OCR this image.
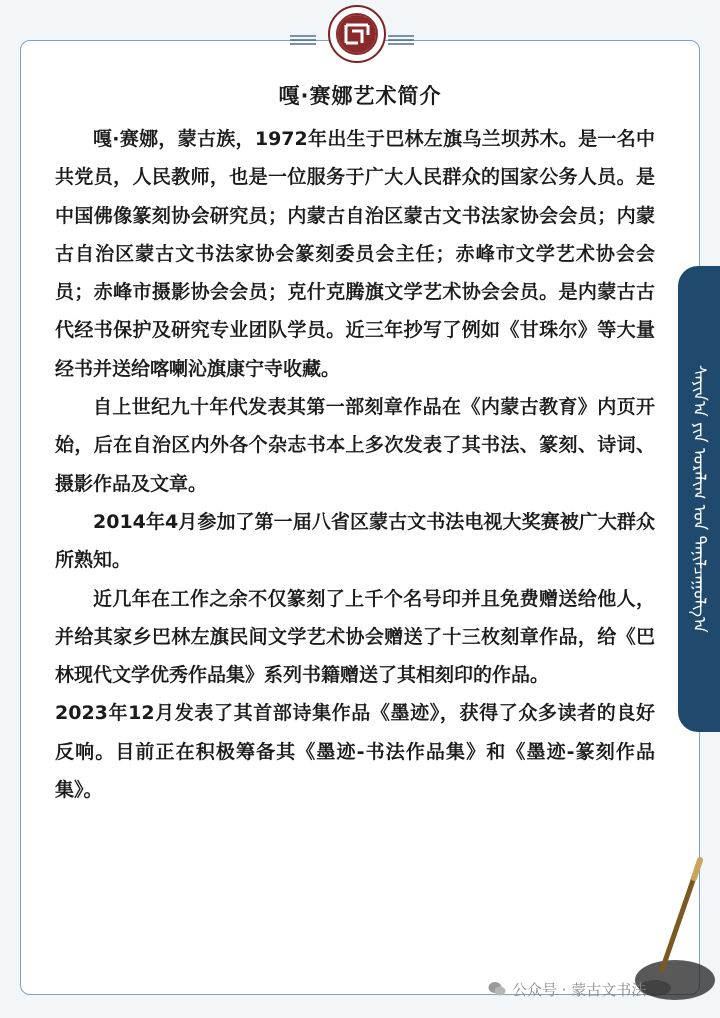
嘎·赛娜艺术简介

嘎·赛娜，蒙古族，1972年出生于巴林左旗乌兰坝苏木。是一名中共党员，人民教师，也是一位服务于广大人民群众的国家公务人员。是中国佛像篆刻协会研究员；内蒙古自治区蒙古文书法家协会会员；内蒙古自治区蒙古文书法家协会篆刻委员会主任；赤峰市文学艺术协会会员；赤峰市摄影协会会员；克什克腾旗文学艺术协会会员。是内蒙古古代经书保护及研究专业团队学员。近三年抄写了例如《甘珠尔》等大量经书并送给喀喇沁旗康宁寺收藏。

自上世纪九十年代发表其第一部刻章作品在《内蒙古教育》内页开始，后在自治区内外各个杂志书本上多次发表了其书法、篆刻、诗词、摄影作品及文章。

2014年4月参加了第一届八省区蒙古文书法电视大奖赛被广大群众所熟知。

近几年在工作之余不仅篆刻了上千个名号印并且免费赠送给他人，并给其家乡巴林左旗民间文学艺术协会赠送了十三枚刻章作品，给《巴林现代文学优秀作品集》系列书籍赠送了其相刻印的作品。

2023年12月发表了其首部诗集作品《墨迹》，获得了众多读者的良好反响。目前正在积极筹备其《墨迹-书法作品集》和《墨迹-篆刻作品集》。

ᠰᠠᠶᠢᠨ᠎ᠠ ᠶᠢᠨ ᠤᠷᠠᠯᠢᠭ ᠤᠨ ᠲᠠᠨᠢᠯᠴᠠᠭᠤᠯᠭ᠎ᠠ
公众号 · 蒙古文书法
